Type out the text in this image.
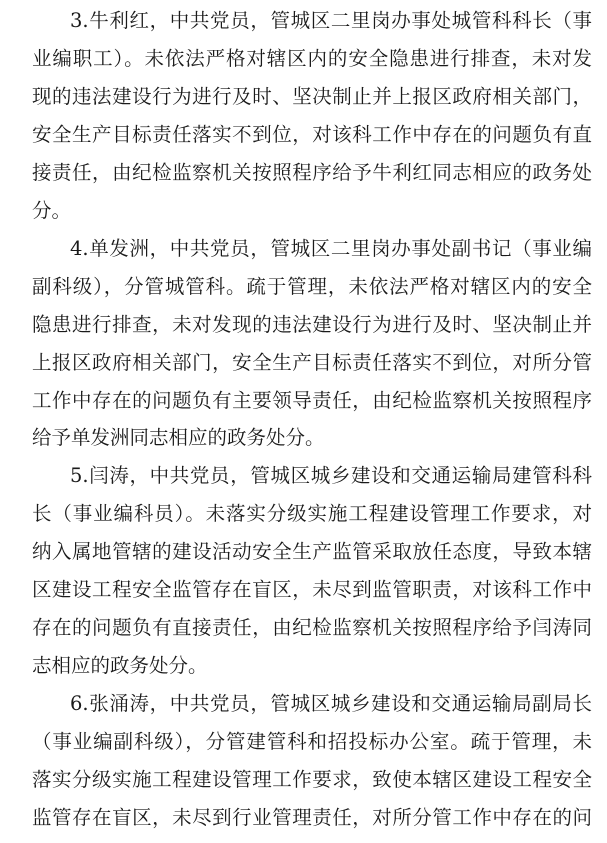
3.牛利红，中共党员，管城区二里岗办事处城管科科长（事
业编职工）。未依法严格对辖区内的安全隐患进行排查，未对发
现的违法建设行为进行及时、坚决制止并上报区政府相关部门，
安全生产目标责任落实不到位，对该科工作中存在的问题负有直
接责任，由纪检监察机关按照程序给予牛利红同志相应的政务处
分。
4.单发洲，中共党员，管城区二里岗办事处副书记（事业编
副科级），分管城管科。疏于管理，未依法严格对辖区内的安全
隐患进行排查，未对发现的违法建设行为进行及时、坚决制止并
上报区政府相关部门，安全生产目标责任落实不到位，对所分管
工作中存在的问题负有主要领导责任，由纪检监察机关按照程序
给予单发洲同志相应的政务处分。
5.闫涛，中共党员，管城区城乡建设和交通运输局建管科科
长（事业编科员）。未落实分级实施工程建设管理工作要求，对
纳入属地管辖的建设活动安全生产监管采取放任态度，导致本辖
区建设工程安全监管存在盲区，未尽到监管职责，对该科工作中
存在的问题负有直接责任，由纪检监察机关按照程序给予闫涛同
志相应的政务处分。
6.张涌涛，中共党员，管城区城乡建设和交通运输局副局长
（事业编副科级），分管建管科和招投标办公室。疏于管理，未
落实分级实施工程建设管理工作要求，致使本辖区建设工程安全
监管存在盲区，未尽到行业管理责任，对所分管工作中存在的问
